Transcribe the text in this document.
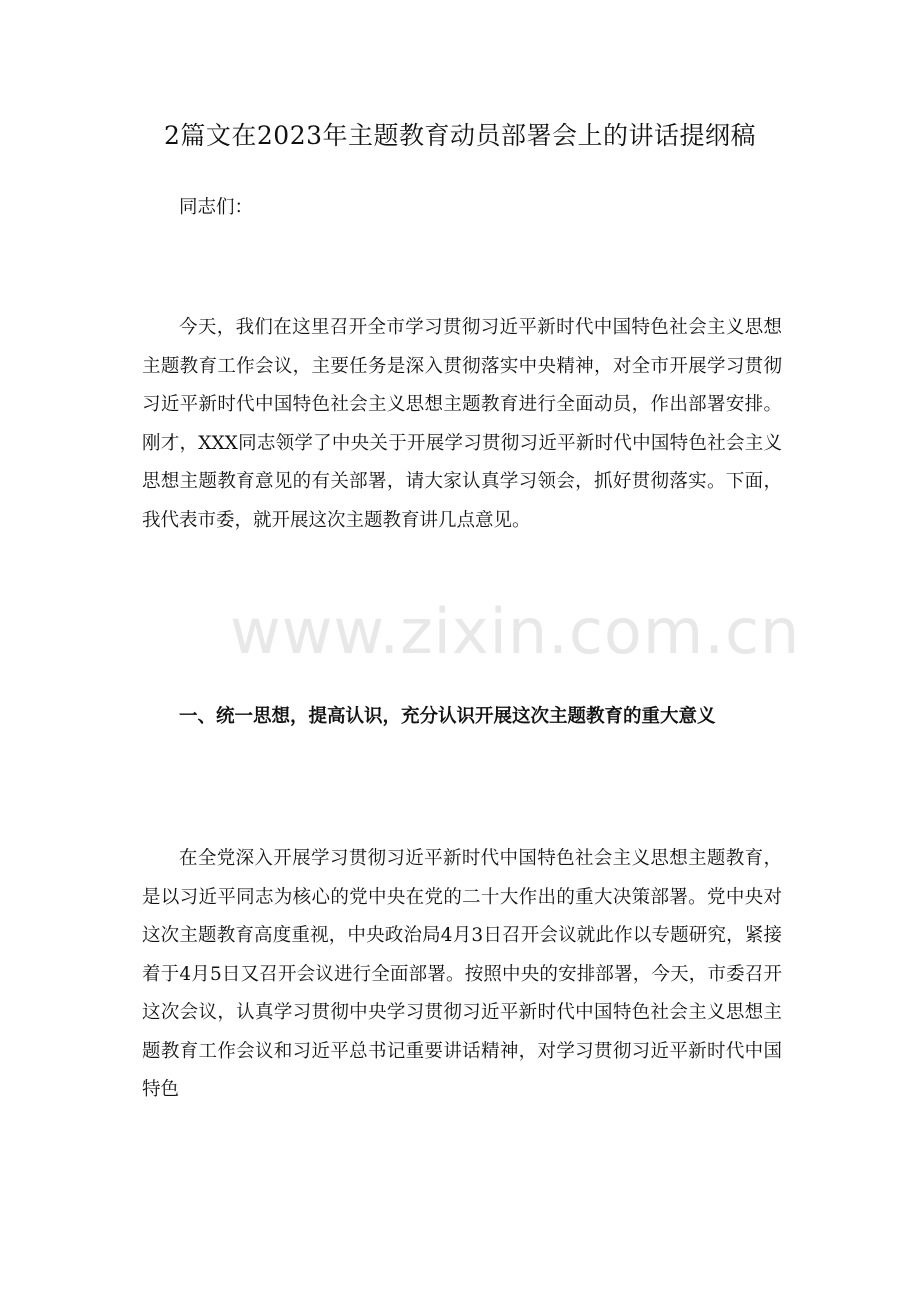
2篇文在2023年主题教育动员部署会上的讲话提纲稿

同志们：

今天，我们在这里召开全市学习贯彻习近平新时代中国特色社会主义思想主题教育工作会议，主要任务是深入贯彻落实中央精神，对全市开展学习贯彻习近平新时代中国特色社会主义思想主题教育进行全面动员，作出部署安排。刚才，XXX同志领学了中央关于开展学习贯彻习近平新时代中国特色社会主义思想主题教育意见的有关部署，请大家认真学习领会，抓好贯彻落实。下面，我代表市委，就开展这次主题教育讲几点意见。

一、统一思想，提高认识，充分认识开展这次主题教育的重大意义

在全党深入开展学习贯彻习近平新时代中国特色社会主义思想主题教育，是以习近平同志为核心的党中央在党的二十大作出的重大决策部署。党中央对这次主题教育高度重视，中央政治局4月3日召开会议就此作以专题研究，紧接着于4月5日又召开会议进行全面部署。按照中央的安排部署，今天，市委召开这次会议，认真学习贯彻中央学习贯彻习近平新时代中国特色社会主义思想主题教育工作会议和习近平总书记重要讲话精神，对学习贯彻习近平新时代中国特色

www.zixin.com.cn
